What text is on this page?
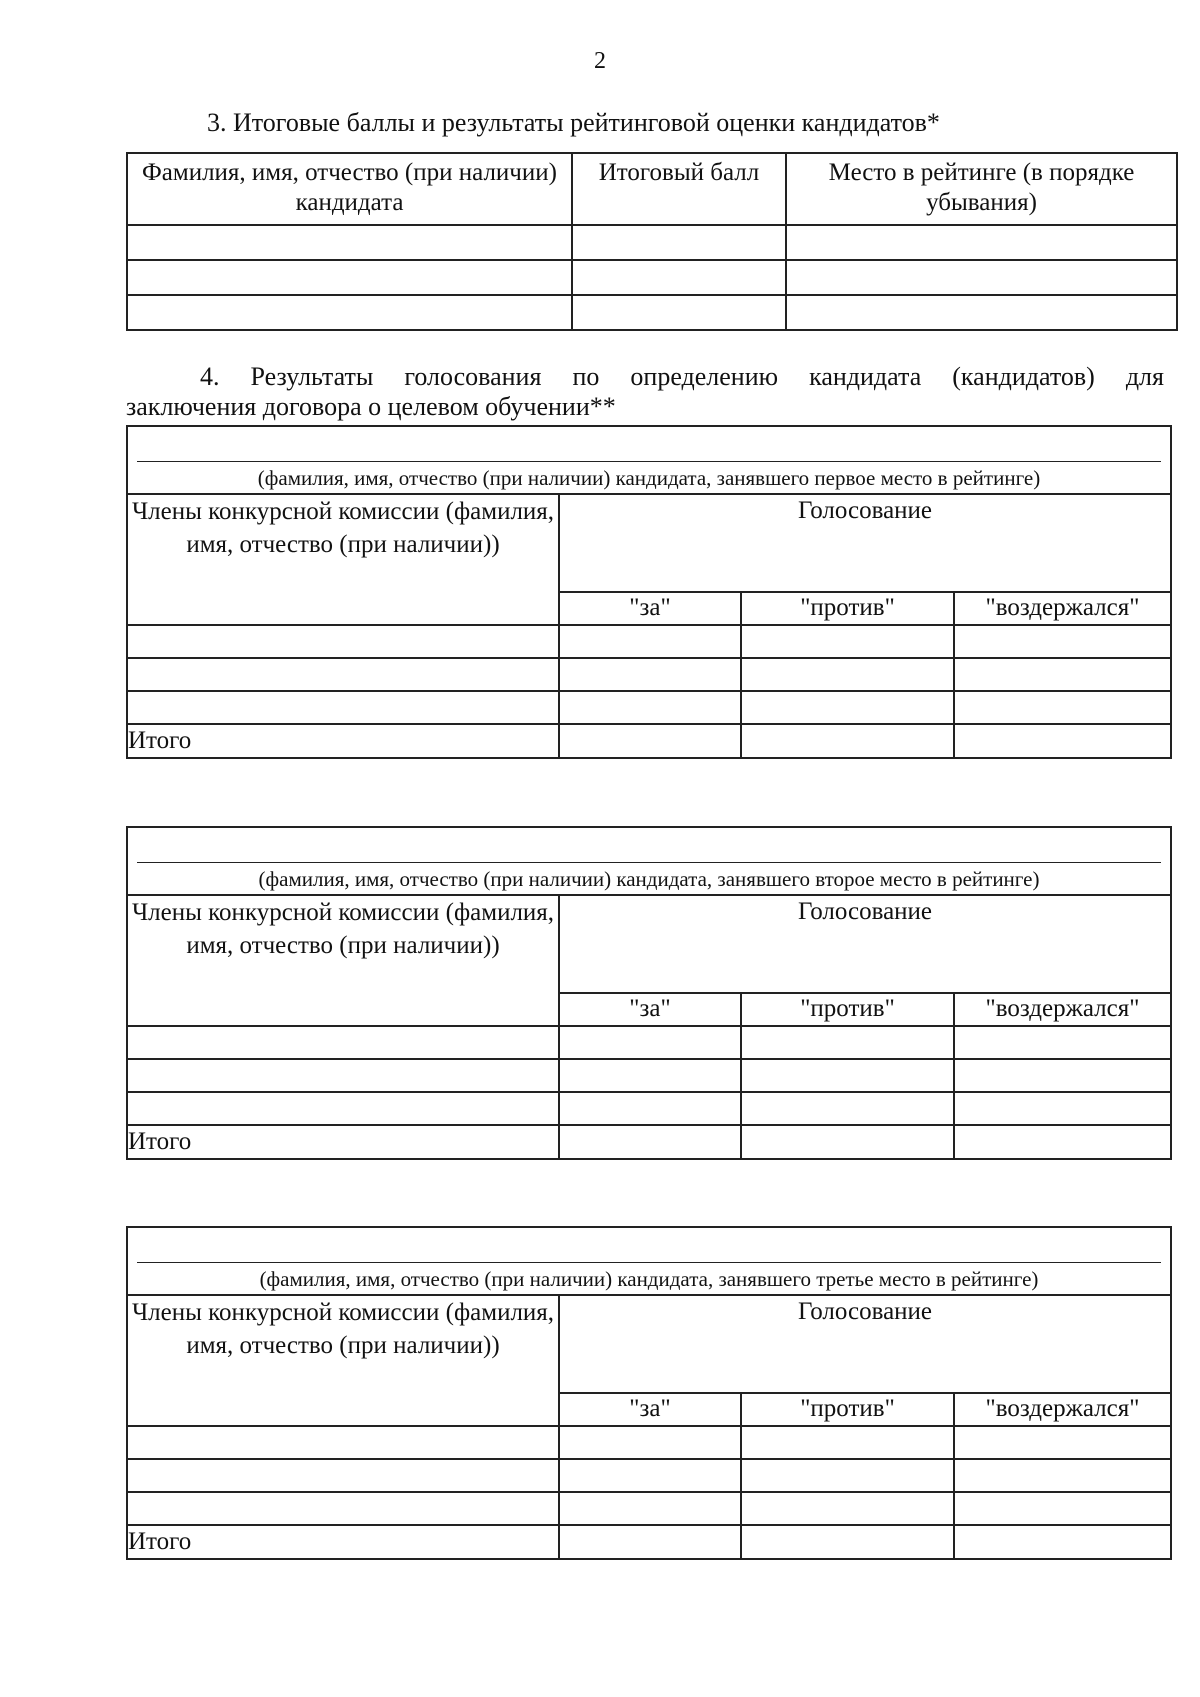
2
3. Итоговые баллы и результаты рейтинговой оценки кандидатов*
Фамилия, имя, отчество (при наличии) кандидата	Итоговый балл	Место в рейтинге (в порядке убывания)

4. Результаты голосования по определению кандидата (кандидатов) для
заключения договора о целевом обучении**
(фамилия, имя, отчество (при наличии) кандидата, занявшего первое место в рейтинге)			

Члены конкурсной комиссии (фамилия, имя, отчество (при наличии))	Голосование		
	"за"	"против"	"воздержался"

Итого			
(фамилия, имя, отчество (при наличии) кандидата, занявшего второе место в рейтинге)			

Члены конкурсной комиссии (фамилия, имя, отчество (при наличии))	Голосование		
	"за"	"против"	"воздержался"

Итого			
(фамилия, имя, отчество (при наличии) кандидата, занявшего третье место в рейтинге)			

Члены конкурсной комиссии (фамилия, имя, отчество (при наличии))	Голосование		
	"за"	"против"	"воздержался"

Итого			
